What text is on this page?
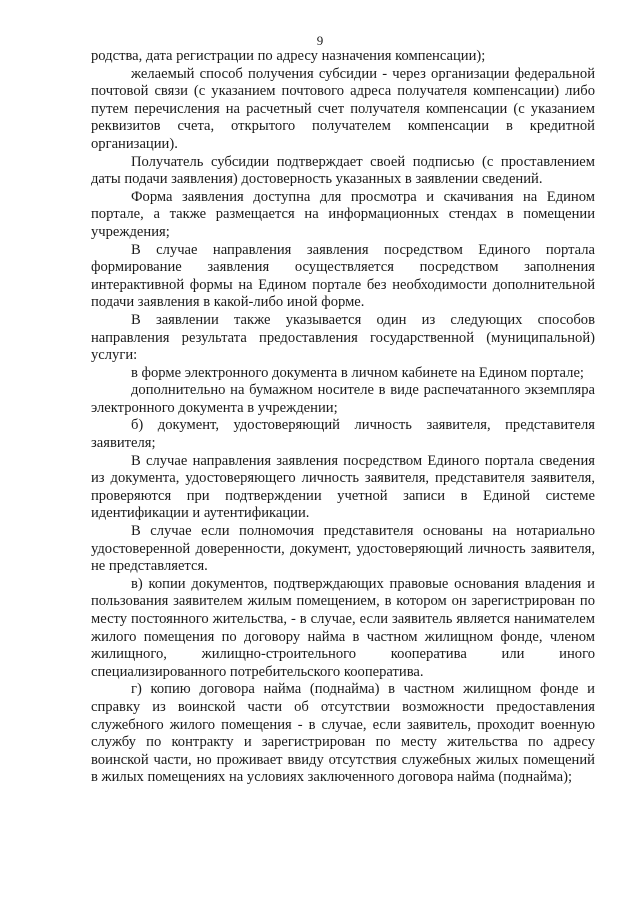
9

родства, дата регистрации по адресу назначения компенсации);

желаемый способ получения субсидии - через организации федеральной почтовой связи (с указанием почтового адреса получателя компенсации) либо путем перечисления на расчетный счет получателя компенсации (с указанием реквизитов счета, открытого получателем компенсации в кредитной организации).

Получатель субсидии подтверждает своей подписью (с проставлением даты подачи заявления) достоверность указанных в заявлении сведений.

Форма заявления доступна для просмотра и скачивания на Едином портале, а также размещается на информационных стендах в помещении учреждения;

В случае направления заявления посредством Единого портала формирование заявления осуществляется посредством заполнения интерактивной формы на Едином портале без необходимости дополнительной подачи заявления в какой-либо иной форме.

В заявлении также указывается один из следующих способов направления результата предоставления государственной (муниципальной) услуги:

в форме электронного документа в личном кабинете на Едином портале;

дополнительно на бумажном носителе в виде распечатанного экземпляра электронного документа в учреждении;

б) документ, удостоверяющий личность заявителя, представителя заявителя;

В случае направления заявления посредством Единого портала сведения из документа, удостоверяющего личность заявителя, представителя заявителя, проверяются при подтверждении учетной записи в Единой системе идентификации и аутентификации.

В случае если полномочия представителя основаны на нотариально удостоверенной доверенности, документ, удостоверяющий личность заявителя, не представляется.

в) копии документов, подтверждающих правовые основания владения и пользования заявителем жилым помещением, в котором он зарегистрирован по месту постоянного жительства, - в случае, если заявитель является нанимателем жилого помещения по договору найма в частном жилищном фонде, членом жилищного, жилищно-строительного кооператива или иного специализированного потребительского кооператива.

г) копию договора найма (поднайма) в частном жилищном фонде и справку из воинской части об отсутствии возможности предоставления служебного жилого помещения - в случае, если заявитель, проходит военную службу по контракту и зарегистрирован по месту жительства по адресу воинской части, но проживает ввиду отсутствия служебных жилых помещений в жилых помещениях на условиях заключенного договора найма (поднайма);
